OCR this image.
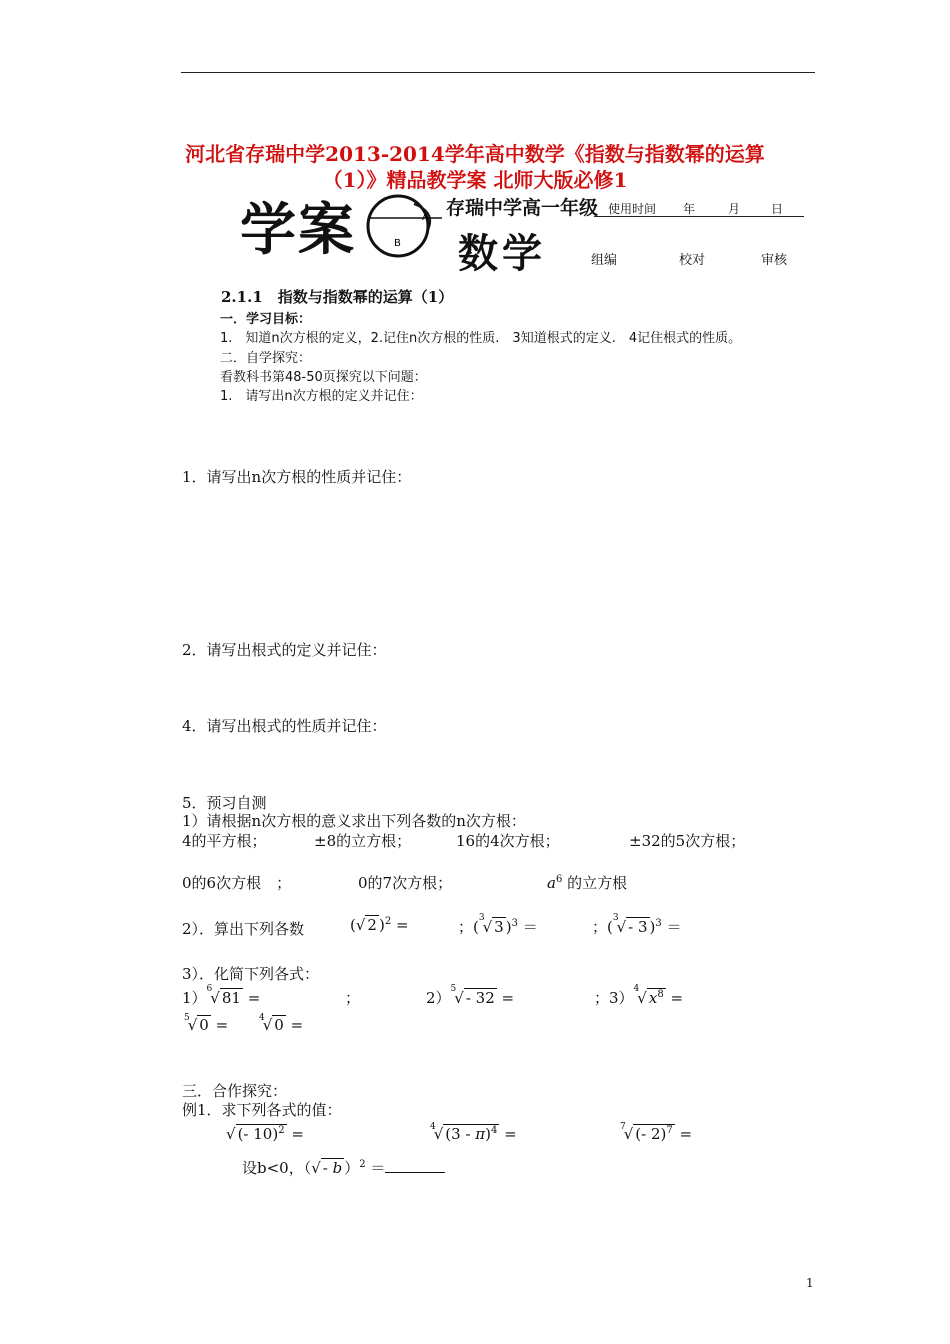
河北省存瑞中学2013-2014学年高中数学《指数与指数幂的运算
（1）》精品教学案 北师大版必修1
学案	A
B
存瑞中学高一年级
数学
使用时间 年	月	日
组编	校对	审核
2.1.1　指数与指数幂的运算（1）
一．学习目标：
1.　知道n次方根的定义，2.记住n次方根的性质.　3知道根式的定义.　4记住根式的性质。
二．自学探究：
看教科书第48-50页探究以下问题：
1.　请写出n次方根的定义并记住：
1．请写出n次方根的性质并记住：
2．请写出根式的定义并记住：
4．请写出根式的性质并记住：
5．预习自测
1）请根据n次方根的意义求出下列各数的n次方根：
4的平方根；	±8的立方根；	16的4次方根；	±32的5次方根；
0的6次方根　；	0的7次方根；	$a^6$ 的立方根
2）．算出下列各数	(√ 2 )$^2$ =	；($^3$√ 3 )$^3$ ＝	；($^3$√ - 3 )$^3$ ＝
3）．化简下列各式：
1）$^6$√ 81 =	；	2）$^5$√ - 32 =	；3）$^4$√ $x^8$ =
$^5$√ 0 =	$^4$√ 0 =
三．合作探究：
例1．求下列各式的值：
√ (- 10)$^2$ =	$^4$√ (3 - π)$^4$ =	$^7$√ (- 2)$^7$ =
设b<0，（√ - b ）$^2$ ＝
1
